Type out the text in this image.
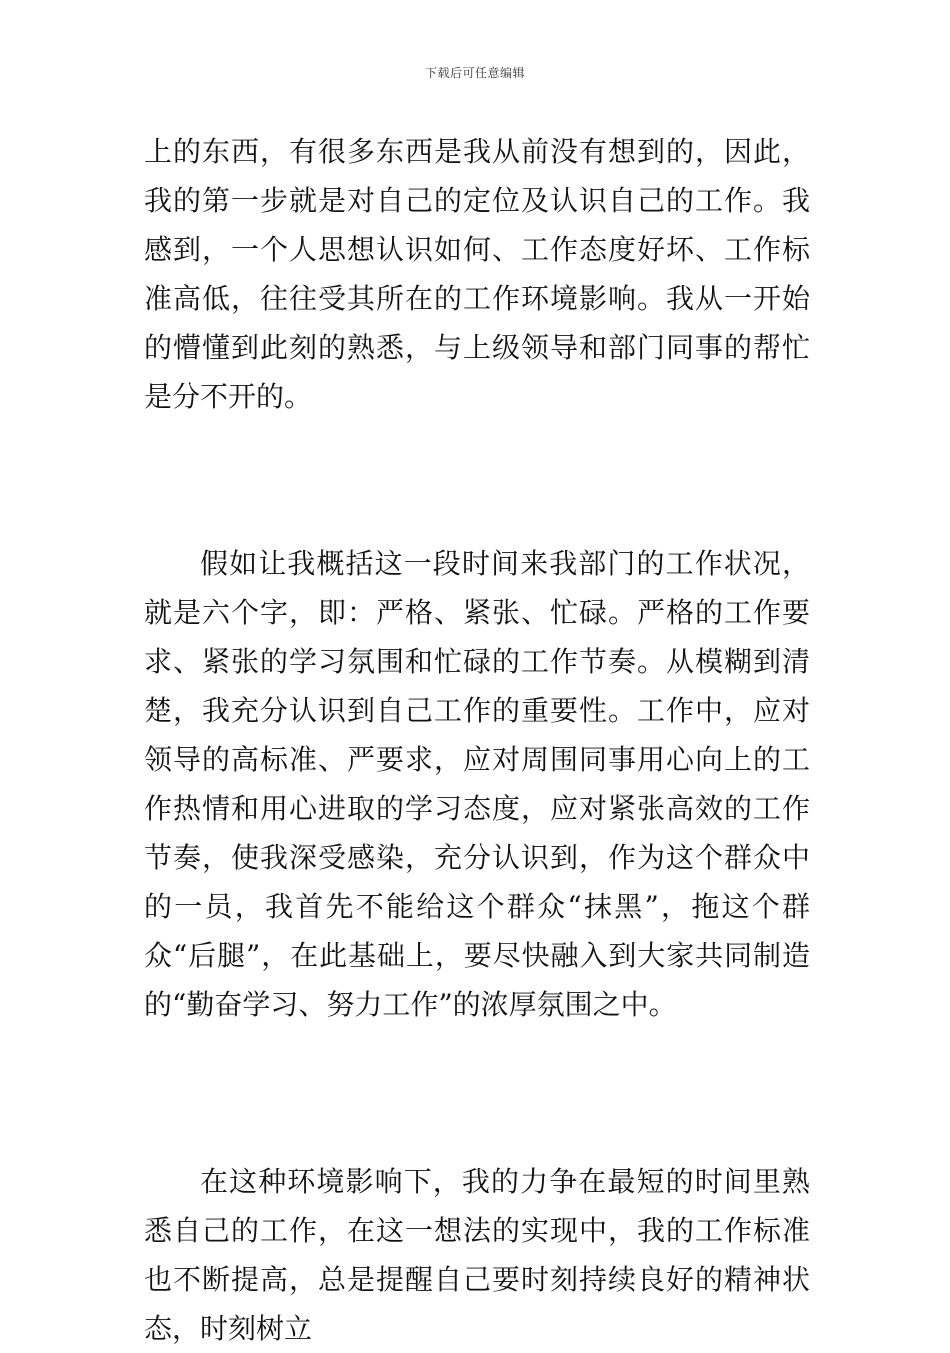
下载后可任意编辑

上的东西，有很多东西是我从前没有想到的，因此，我的第一步就是对自己的定位及认识自己的工作。我感到，一个人思想认识如何、工作态度好坏、工作标准高低，往往受其所在的工作环境影响。我从一开始的懵懂到此刻的熟悉，与上级领导和部门同事的帮忙是分不开的。

假如让我概括这一段时间来我部门的工作状况，就是六个字，即：严格、紧张、忙碌。严格的工作要求、紧张的学习氛围和忙碌的工作节奏。从模糊到清楚，我充分认识到自己工作的重要性。工作中，应对领导的高标准、严要求，应对周围同事用心向上的工作热情和用心进取的学习态度，应对紧张高效的工作节奏，使我深受感染，充分认识到，作为这个群众中的一员，我首先不能给这个群众“抹黑”，拖这个群众“后腿”，在此基础上，要尽快融入到大家共同制造的“勤奋学习、努力工作”的浓厚氛围之中。

在这种环境影响下，我的力争在最短的时间里熟悉自己的工作，在这一想法的实现中，我的工作标准也不断提高，总是提醒自己要时刻持续良好的精神状态，时刻树立
